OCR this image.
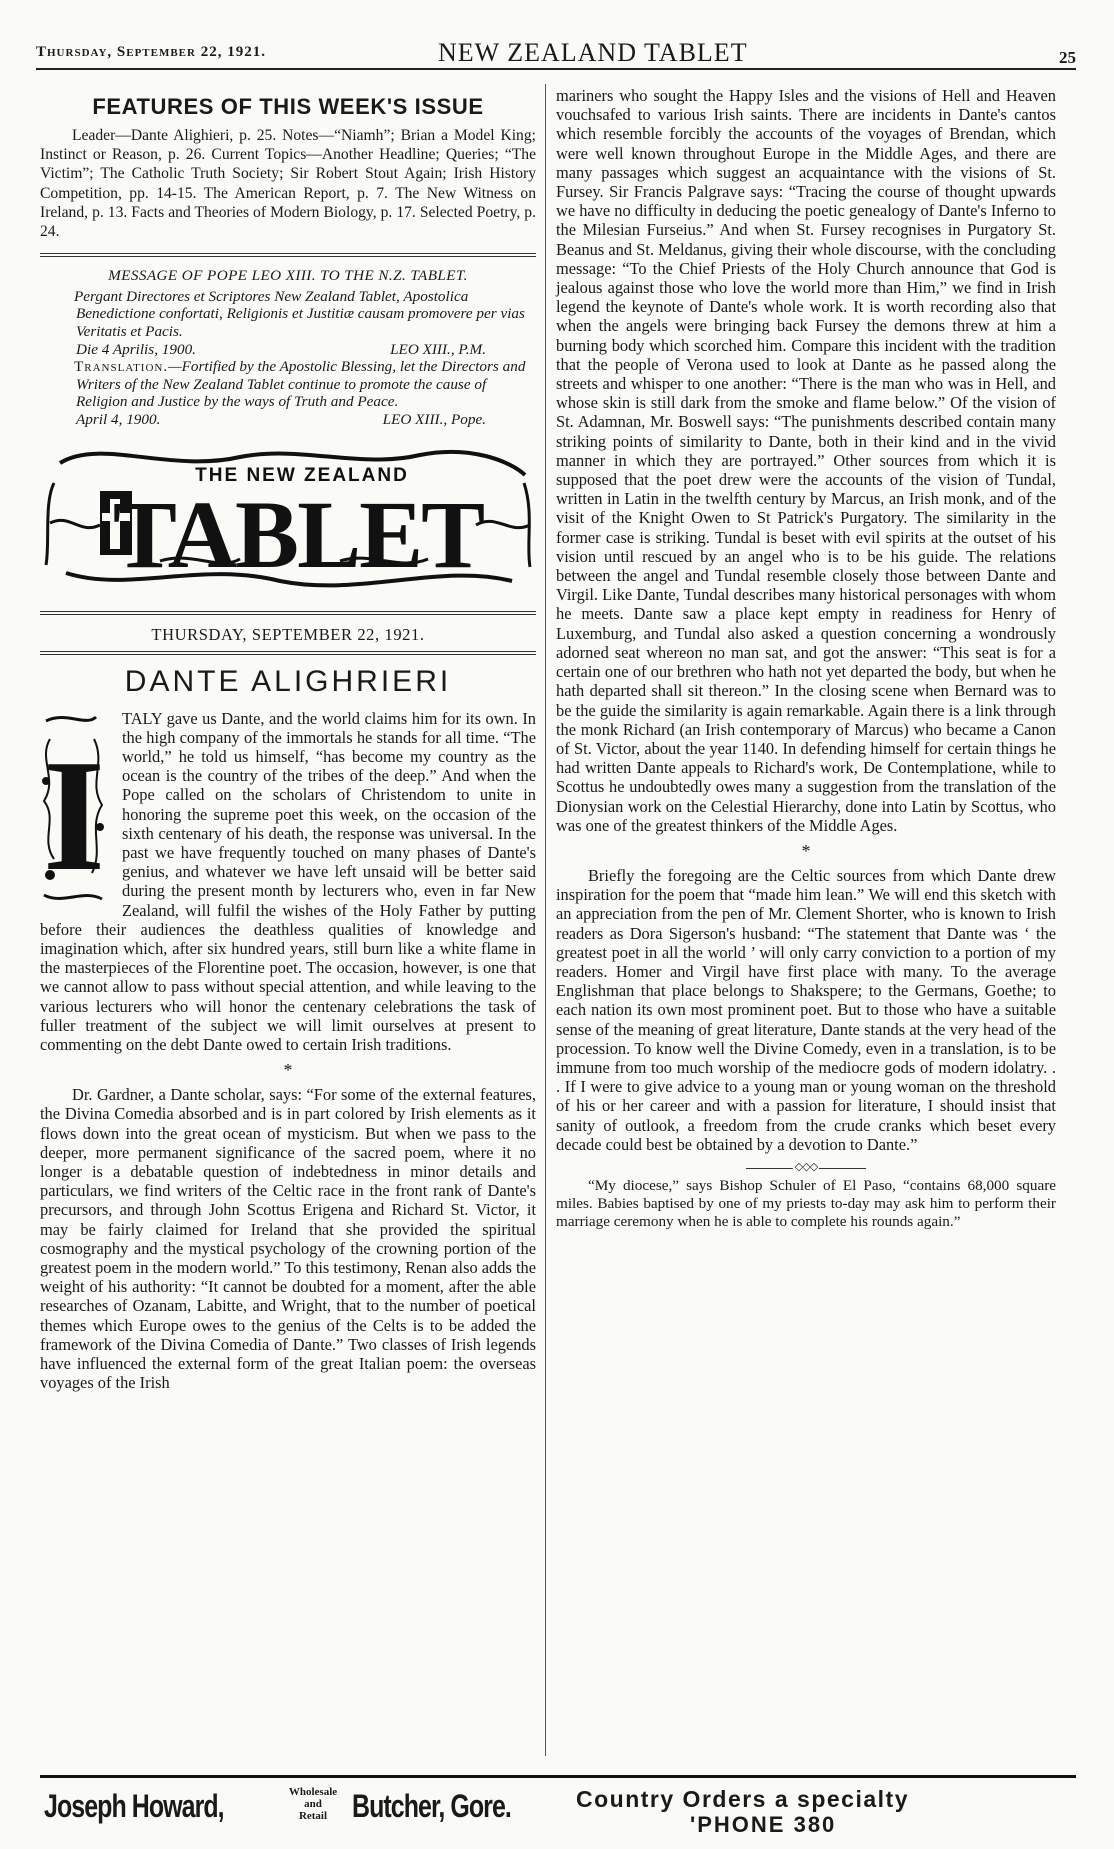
Thursday, September 22, 1921.	NEW ZEALAND TABLET	25
FEATURES OF THIS WEEK'S ISSUE

Leader—Dante Alighieri, p. 25. Notes—“Niamh”; Brian a Model King; Instinct or Reason, p. 26. Current Topics—Another Headline; Queries; “The Victim”; The Catholic Truth Society; Sir Robert Stout Again; Irish History Competition, pp. 14-15. The American Report, p. 7. The New Witness on Ireland, p. 13. Facts and Theories of Modern Biology, p. 17. Selected Poetry, p. 24.

MESSAGE OF POPE LEO XIII. TO THE N.Z. TABLET.
Pergant Directores et Scriptores New Zealand Tablet, Apostolica Benedictione confortati, Religionis et Justitiæ causam promovere per vias Veritatis et Pacis.
Die 4 Aprilis, 1900.	LEO XIII., P.M.
Translation.—Fortified by the Apostolic Blessing, let the Directors and Writers of the New Zealand Tablet continue to promote the cause of Religion and Justice by the ways of Truth and Peace.
April 4, 1900.	LEO XIII., Pope.
THE NEW ZEALAND
TABLET
THURSDAY, SEPTEMBER 22, 1921.
DANTE ALIGHRIERI
I

TALY gave us Dante, and the world claims him for its own. In the high company of the immortals he stands for all time. “The world,” he told us himself, “has become my country as the ocean is the country of the tribes of the deep.” And when the Pope called on the scholars of Christendom to unite in honoring the supreme poet this week, on the occasion of the sixth centenary of his death, the response was universal. In the past we have frequently touched on many phases of Dante's genius, and whatever we have left unsaid will be better said during the present month by lecturers who, even in far New Zealand, will fulfil the wishes of the Holy Father by putting before their audiences the deathless qualities of knowledge and imagination which, after six hundred years, still burn like a white flame in the masterpieces of the Florentine poet. The occasion, however, is one that we cannot allow to pass without special attention, and while leaving to the various lecturers who will honor the centenary celebrations the task of fuller treatment of the subject we will limit ourselves at present to commenting on the debt Dante owed to certain Irish traditions.

*

Dr. Gardner, a Dante scholar, says: “For some of the external features, the Divina Comedia absorbed and is in part colored by Irish elements as it flows down into the great ocean of mysticism. But when we pass to the deeper, more permanent significance of the sacred poem, where it no longer is a debatable question of indebtedness in minor details and particulars, we find writers of the Celtic race in the front rank of Dante's precursors, and through John Scottus Erigena and Richard St. Victor, it may be fairly claimed for Ireland that she provided the spiritual cosmography and the mystical psychology of the crowning portion of the greatest poem in the modern world.” To this testimony, Renan also adds the weight of his authority: “It cannot be doubted for a moment, after the able researches of Ozanam, Labitte, and Wright, that to the number of poetical themes which Europe owes to the genius of the Celts is to be added the framework of the Divina Comedia of Dante.” Two classes of Irish legends have influenced the external form of the great Italian poem: the overseas voyages of the Irish

mariners who sought the Happy Isles and the visions of Hell and Heaven vouchsafed to various Irish saints. There are incidents in Dante's cantos which resemble forcibly the accounts of the voyages of Brendan, which were well known throughout Europe in the Middle Ages, and there are many passages which suggest an acquaintance with the visions of St. Fursey. Sir Francis Palgrave says: “Tracing the course of thought upwards we have no difficulty in deducing the poetic genealogy of Dante's Inferno to the Milesian Furseius.” And when St. Fursey recognises in Purgatory St. Beanus and St. Meldanus, giving their whole discourse, with the concluding message: “To the Chief Priests of the Holy Church announce that God is jealous against those who love the world more than Him,” we find in Irish legend the keynote of Dante's whole work. It is worth recording also that when the angels were bringing back Fursey the demons threw at him a burning body which scorched him. Compare this incident with the tradition that the people of Verona used to look at Dante as he passed along the streets and whisper to one another: “There is the man who was in Hell, and whose skin is still dark from the smoke and flame below.” Of the vision of St. Adamnan, Mr. Boswell says: “The punishments described contain many striking points of similarity to Dante, both in their kind and in the vivid manner in which they are portrayed.” Other sources from which it is supposed that the poet drew were the accounts of the vision of Tundal, written in Latin in the twelfth century by Marcus, an Irish monk, and of the visit of the Knight Owen to St Patrick's Purgatory. The similarity in the former case is striking. Tundal is beset with evil spirits at the outset of his vision until rescued by an angel who is to be his guide. The relations between the angel and Tundal resemble closely those between Dante and Virgil. Like Dante, Tundal describes many historical personages with whom he meets. Dante saw a place kept empty in readiness for Henry of Luxemburg, and Tundal also asked a question concerning a wondrously adorned seat whereon no man sat, and got the answer: “This seat is for a certain one of our brethren who hath not yet departed the body, but when he hath departed shall sit thereon.” In the closing scene when Bernard was to be the guide the similarity is again remarkable. Again there is a link through the monk Richard (an Irish contemporary of Marcus) who became a Canon of St. Victor, about the year 1140. In defending himself for certain things he had written Dante appeals to Richard's work, De Contemplatione, while to Scottus he undoubtedly owes many a suggestion from the translation of the Dionysian work on the Celestial Hierarchy, done into Latin by Scottus, who was one of the greatest thinkers of the Middle Ages.

*

Briefly the foregoing are the Celtic sources from which Dante drew inspiration for the poem that “made him lean.” We will end this sketch with an appreciation from the pen of Mr. Clement Shorter, who is known to Irish readers as Dora Sigerson's husband: “The statement that Dante was ‘ the greatest poet in all the world ’ will only carry conviction to a portion of my readers. Homer and Virgil have first place with many. To the average Englishman that place belongs to Shakspere; to the Germans, Goethe; to each nation its own most prominent poet. But to those who have a suitable sense of the meaning of great literature, Dante stands at the very head of the procession. To know well the Divine Comedy, even in a translation, is to be immune from too much worship of the mediocre gods of modern idolatry. . . If I were to give advice to a young man or young woman on the threshold of his or her career and with a passion for literature, I should insist that sanity of outlook, a freedom from the crude cranks which beset every decade could best be obtained by a devotion to Dante.”

◇◇◇

“My diocese,” says Bishop Schuler of El Paso, “contains 68,000 square miles. Babies baptised by one of my priests to-day may ask him to perform their marriage ceremony when he is able to complete his rounds again.”

Joseph Howard,	Wholesale
and
Retail Butcher, Gore.	Country Orders a specialty
'PHONE 380
